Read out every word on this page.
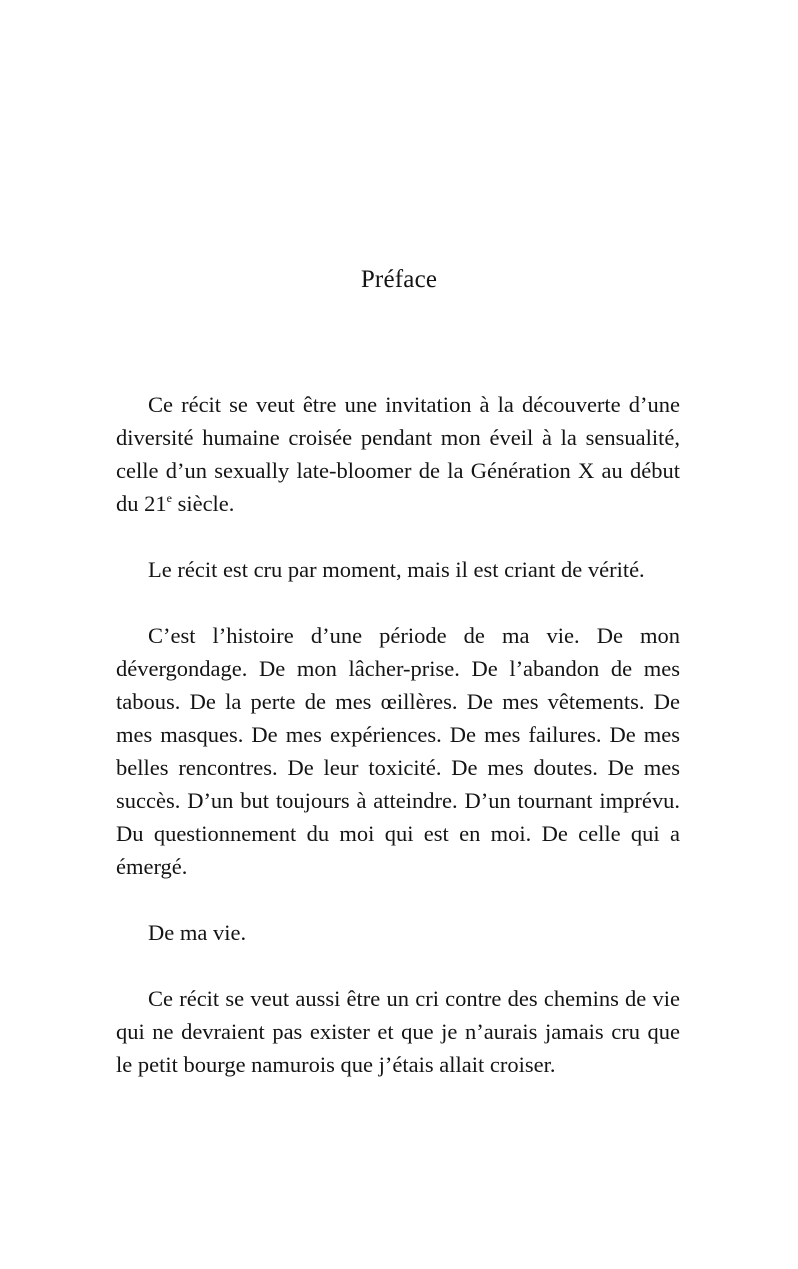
Préface

Ce récit se veut être une invitation à la découverte d’une diversité humaine croisée pendant mon éveil à la sensualité, celle d’un sexually late-bloomer de la Génération X au début du 21e siècle.

Le récit est cru par moment, mais il est criant de vérité.

C’est l’histoire d’une période de ma vie. De mon dévergondage. De mon lâcher-prise. De l’abandon de mes tabous. De la perte de mes œillères. De mes vêtements. De mes masques. De mes expériences. De mes failures. De mes belles rencontres. De leur toxicité. De mes doutes. De mes succès. D’un but toujours à atteindre. D’un tournant imprévu. Du questionnement du moi qui est en moi. De celle qui a émergé.

De ma vie.

Ce récit se veut aussi être un cri contre des chemins de vie qui ne devraient pas exister et que je n’aurais jamais cru que le petit bourge namurois que j’étais allait croiser.
